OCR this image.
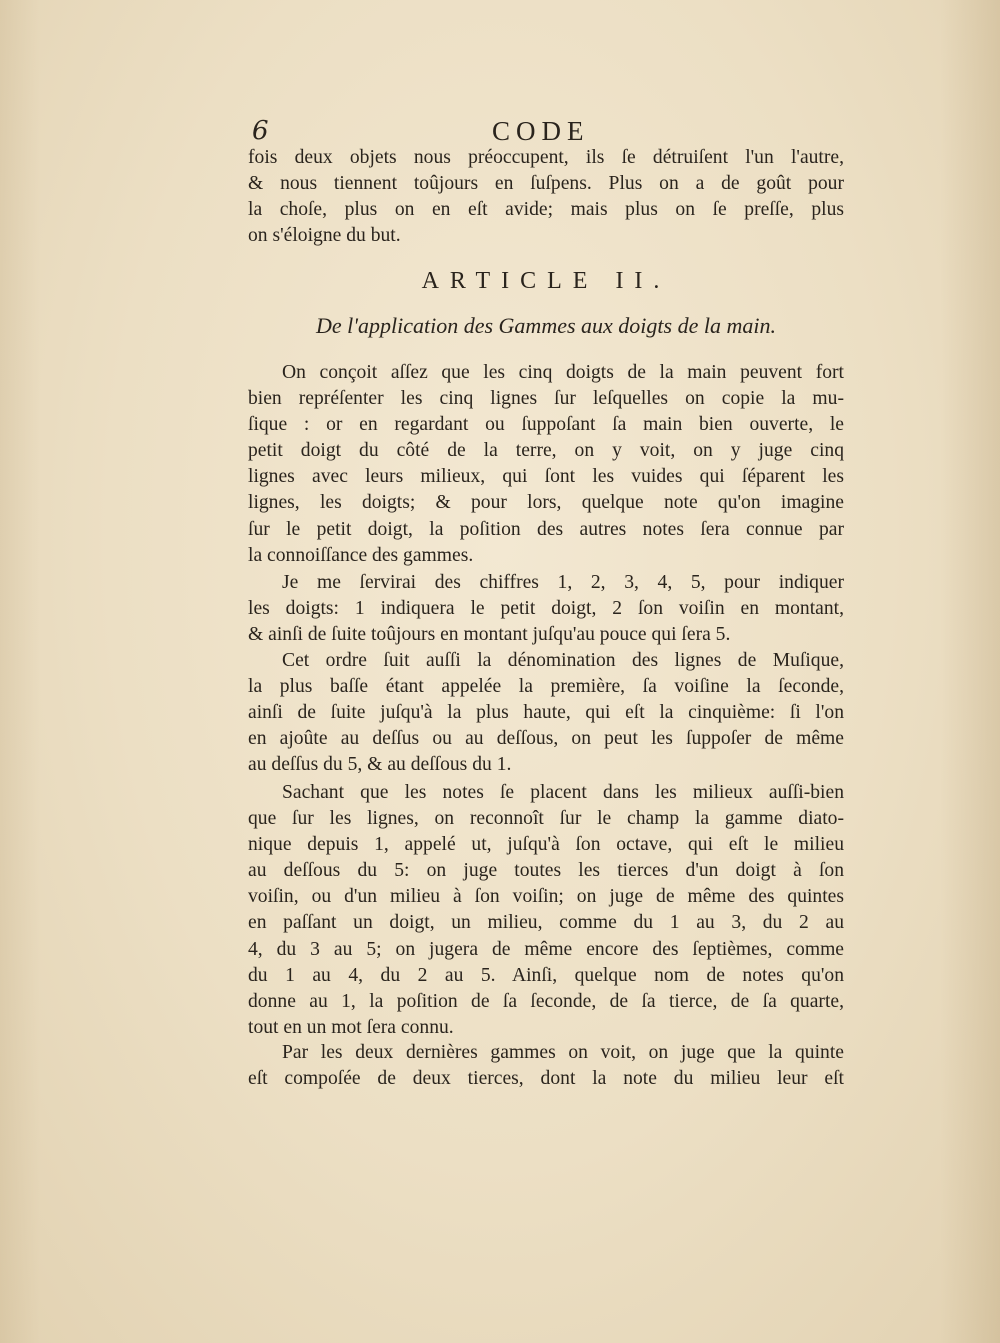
6	CODE
fois deux objets nous préoccupent, ils ſe détruiſent l'un l'autre,
& nous tiennent toûjours en ſuſpens. Plus on a de goût pour
la choſe, plus on en eſt avide; mais plus on ſe preſſe, plus
on s'éloigne du but.
ARTICLE II.
De l'application des Gammes aux doigts de la main.
On conçoit aſſez que les cinq doigts de la main peuvent fort
bien repréſenter les cinq lignes ſur leſquelles on copie la mu-
ſique : or en regardant ou ſuppoſant ſa main bien ouverte, le
petit doigt du côté de la terre, on y voit, on y juge cinq
lignes avec leurs milieux, qui ſont les vuides qui ſéparent les
lignes, les doigts; & pour lors, quelque note qu'on imagine
ſur le petit doigt, la poſition des autres notes ſera connue par
la connoiſſance des gammes.
Je me ſervirai des chiffres 1, 2, 3, 4, 5, pour indiquer
les doigts: 1 indiquera le petit doigt, 2 ſon voiſin en montant,
& ainſi de ſuite toûjours en montant juſqu'au pouce qui ſera 5.
Cet ordre ſuit auſſi la dénomination des lignes de Muſique,
la plus baſſe étant appelée la première, ſa voiſine la ſeconde,
ainſi de ſuite juſqu'à la plus haute, qui eſt la cinquième: ſi l'on
en ajoûte au deſſus ou au deſſous, on peut les ſuppoſer de même
au deſſus du 5, & au deſſous du 1.
Sachant que les notes ſe placent dans les milieux auſſi-bien
que ſur les lignes, on reconnoît ſur le champ la gamme diato-
nique depuis 1, appelé ut, juſqu'à ſon octave, qui eſt le milieu
au deſſous du 5: on juge toutes les tierces d'un doigt à ſon
voiſin, ou d'un milieu à ſon voiſin; on juge de même des quintes
en paſſant un doigt, un milieu, comme du 1 au 3, du 2 au
4, du 3 au 5; on jugera de même encore des ſeptièmes, comme
du 1 au 4, du 2 au 5. Ainſi, quelque nom de notes qu'on
donne au 1, la poſition de ſa ſeconde, de ſa tierce, de ſa quarte,
tout en un mot ſera connu.
Par les deux dernières gammes on voit, on juge que la quinte
eſt compoſée de deux tierces, dont la note du milieu leur eſt
